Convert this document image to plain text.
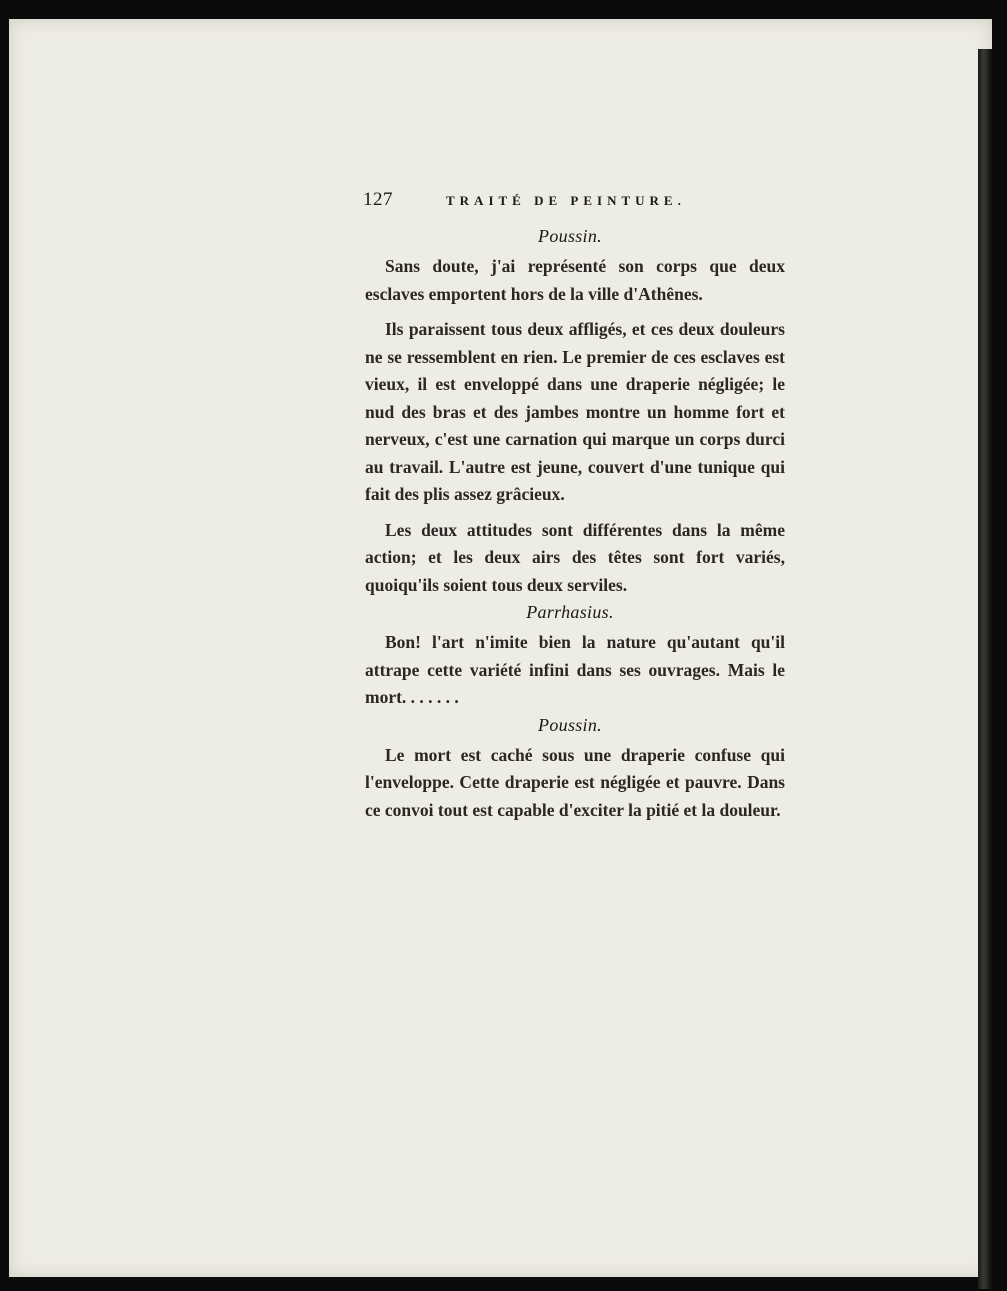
127	TRAITÉ DE PEINTURE.
Poussin.

Sans doute, j'ai représenté son corps que deux esclaves emportent hors de la ville d'Athênes.

Ils paraissent tous deux affligés, et ces deux douleurs ne se ressemblent en rien. Le premier de ces esclaves est vieux, il est enveloppé dans une draperie négligée; le nud des bras et des jambes montre un homme fort et nerveux, c'est une carnation qui marque un corps durci au travail. L'autre est jeune, couvert d'une tunique qui fait des plis assez grâcieux.

Les deux attitudes sont différentes dans la même action; et les deux airs des têtes sont fort variés, quoiqu'ils soient tous deux serviles.

Parrhasius.

Bon! l'art n'imite bien la nature qu'autant qu'il attrape cette variété infini dans ses ouvrages. Mais le mort. . . . . . .

Poussin.

Le mort est caché sous une draperie confuse qui l'enveloppe. Cette draperie est négligée et pauvre. Dans ce convoi tout est capable d'exciter la pitié et la douleur.
